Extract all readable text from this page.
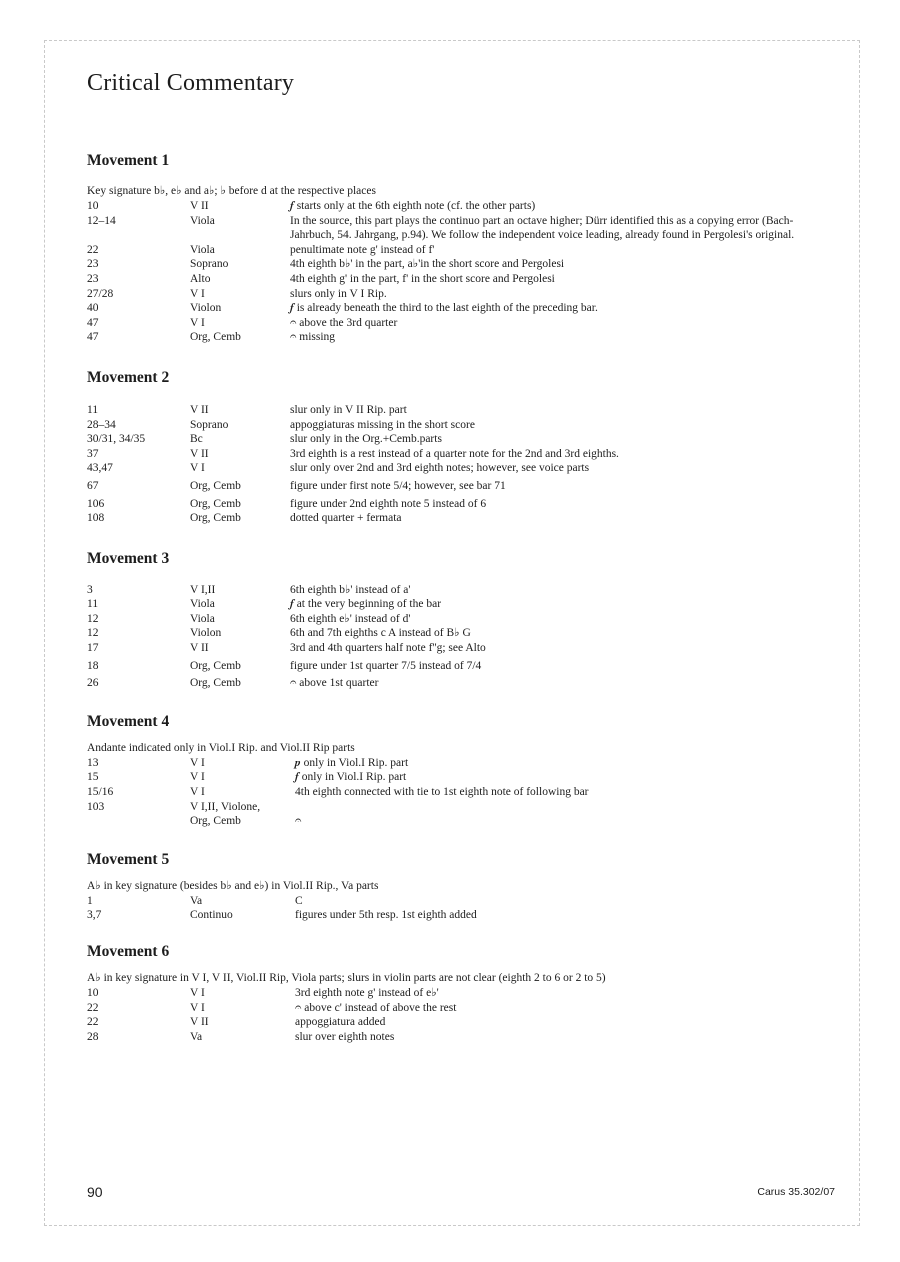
Critical Commentary
Movement 1

Key signature b♭, e♭ and a♭; ♭ before d at the respective places

10	V II	𝆑 starts only at the 6th eighth note (cf. the other parts)
12–14	Viola	In the source, this part plays the continuo part an octave higher; Dürr identified this as a copying error (Bach-Jahrbuch, 54. Jahrgang, p.94). We follow the independent voice leading, already found in Pergolesi's original.
22	Viola	penultimate note g' instead of f'
23	Soprano	4th eighth b♭' in the part, a♭'in the short score and Pergolesi
23	Alto	4th eighth g' in the part, f' in the short score and Pergolesi
27/28	V I	slurs only in V I Rip.
40	Violon	𝆑 is already beneath the third to the last eighth of the preceding bar.
47	V I	𝄐 above the 3rd quarter
47	Org, Cemb	𝄐 missing
Movement 2
11	V II	slur only in V II Rip. part
28–34	Soprano	appoggiaturas missing in the short score
30/31, 34/35	Bc	slur only in the Org.+Cemb.parts
37	V II	3rd eighth is a rest instead of a quarter note for the 2nd and 3rd eighths.
43,47	V I	slur only over 2nd and 3rd eighth notes; however, see voice parts
67	Org, Cemb	figure under first note 5/4; however, see bar 71
106	Org, Cemb	figure under 2nd eighth note 5 instead of 6
108	Org, Cemb	dotted quarter + fermata
Movement 3
3	V I,II	6th eighth b♭' instead of a'
11	Viola	𝆑 at the very beginning of the bar
12	Viola	6th eighth e♭' instead of d'
12	Violon	6th and 7th eighths c A instead of B♭ G
17	V II	3rd and 4th quarters half note f''g; see Alto
18	Org, Cemb	figure under 1st quarter 7/5 instead of 7/4
26	Org, Cemb	𝄐 above 1st quarter
Movement 4

Andante indicated only in Viol.I Rip. and Viol.II Rip parts

13	V I	𝆏 only in Viol.I Rip. part
15	V I	𝆑 only in Viol.I Rip. part
15/16	V I	4th eighth connected with tie to 1st eighth note of following bar
103	V I,II, Violone,
Org, Cemb	𝄐
Movement 5

A♭ in key signature (besides b♭ and e♭) in Viol.II Rip., Va parts

1	Va	C
3,7	Continuo	figures under 5th resp. 1st eighth added
Movement 6

A♭ in key signature in V I, V II, Viol.II Rip, Viola parts; slurs in violin parts are not clear (eighth 2 to 6 or 2 to 5)

10	V I	3rd eighth note g' instead of e♭'
22	V I	𝄐 above c' instead of above the rest
22	V II	appoggiatura added
28	Va	slur over eighth notes
90	Carus 35.302/07
